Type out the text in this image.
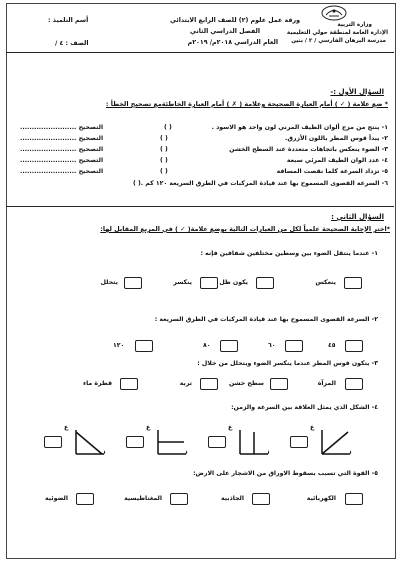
وزارة التربية
الإدارة العامة لمنطقة حولي التعليمية
مدرسة البرهان الفارسي / ٢ / بنين
ورقة عمل علوم (٢) للصف الرابع الابتدائي
الفصل الدراسي الثاني
العام الدراسي ٢٠١٨م/ ٢٠١٩م
أسم التلميذ :
الصف : ٤ /
السؤال الأول :-
* ضع علامة ( ✓ ) أمام العبارة الصحيحة وعلامة ( ✗ ) أمام العبارة الخاطئةمع تصحيح الخطأ :
١- ينتج من مزج ألوان الطيف المرني لون واحد هو الاسود .
( )
التصحيح ........................
٢- يبدأ قوس المطر باللون الأزرق.
( )
التصحيح ........................
٣- الضوء ينعكس باتجاهات متعددة عند السطح الخشن
( )
التصحيح ........................
٤- عدد الوان الطيف المرئي سبعة
( )
التصحيح ........................
٥- تزداد السرعة كلما نقصت المسافة
( )
التصحيح ........................
٦- السرعة القصوى المسموح بها عند قيادة المركبات في الطرق السريعة ١٢٠ كم .( )
السؤال الثاني :
*اختر الإجابة الصحيحة علمياً لكل من العبارات التالية بوضع علامة( ✓ ) في المربع المقابل لها:
١- عندما ينتقل الضوء بين وسطين مختلفين شفافين فإنه :
ينعكس
يكون ظل
ينكسر
يتحلل
٢- السرعة القصوى المسموح بها عند قيادة المركبات في الطرق السريعة :
٤٥
٦٠
٨٠
١٢٠
٣- يتكون قوس المطر عندما ينكسر الضوء ويتحلل من خلال :
المرآة
سطح خشن
تربة
قطرة ماء
٤- الشكل الذي يمثل العلاقة بين السرعة والزمن:
ع
ز
ع
ز
ع
ز
ع
ز
٥- القوة التي تسبب بسقوط الاوراق من الاشجار على الارض:
الكهربائية
الجاذبية
المغناطيسية
الضوئية
